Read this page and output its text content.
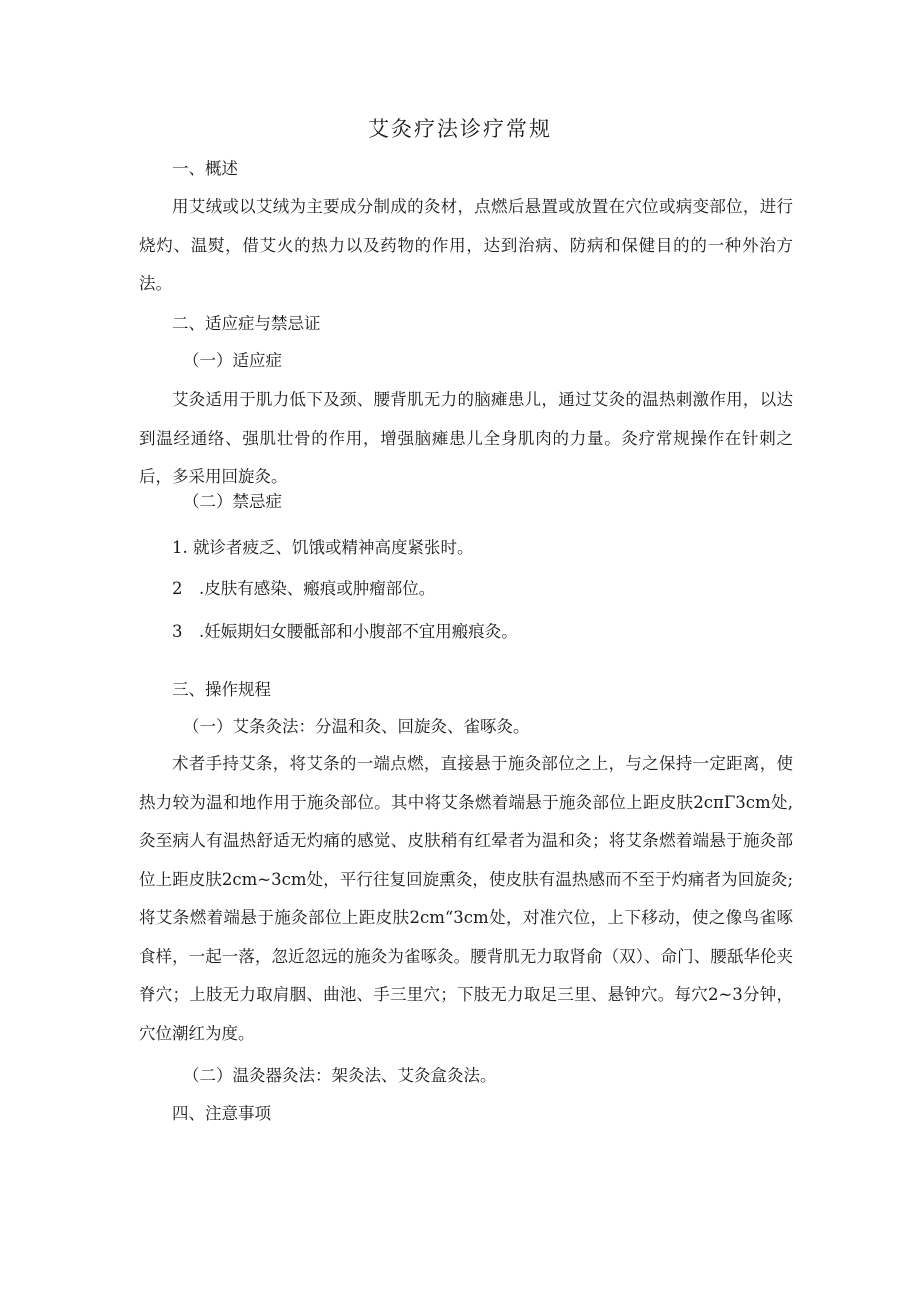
艾灸疗法诊疗常规
一、概述

用艾绒或以艾绒为主要成分制成的灸材，点燃后悬置或放置在穴位或病变部位，进行烧灼、温熨，借艾火的热力以及药物的作用，达到治病、防病和保健目的的一种外治方法。

二、适应症与禁忌证
（一）适应症

艾灸适用于肌力低下及颈、腰背肌无力的脑瘫患儿，通过艾灸的温热刺激作用，以达到温经通络、强肌壮骨的作用，增强脑瘫患儿全身肌肉的力量。灸疗常规操作在针刺之后，多采用回旋灸。

（二）禁忌症
1. 就诊者疲乏、饥饿或精神高度紧张时。
2　.皮肤有感染、瘢痕或肿瘤部位。
3　.妊娠期妇女腰骶部和小腹部不宜用瘢痕灸。
三、操作规程
（一）艾条灸法：分温和灸、回旋灸、雀啄灸。

术者手持艾条，将艾条的一端点燃，直接悬于施灸部位之上，与之保持一定距离，使热力较为温和地作用于施灸部位。其中将艾条燃着端悬于施灸部位上距皮肤2cπΓ3cm处,灸至病人有温热舒适无灼痛的感觉、皮肤稍有红晕者为温和灸；将艾条燃着端悬于施灸部位上距皮肤2cm~3cm处，平行往复回旋熏灸，使皮肤有温热感而不至于灼痛者为回旋灸;将艾条燃着端悬于施灸部位上距皮肤2cm“3cm处，对准穴位，上下移动，使之像鸟雀啄食样，一起一落，忽近忽远的施灸为雀啄灸。腰背肌无力取肾俞（双）、命门、腰舐华伦夹脊穴；上肢无力取肩胭、曲池、手三里穴；下肢无力取足三里、悬钟穴。每穴2~3分钟，穴位潮红为度。

（二）温灸器灸法：架灸法、艾灸盒灸法。
四、注意事项
